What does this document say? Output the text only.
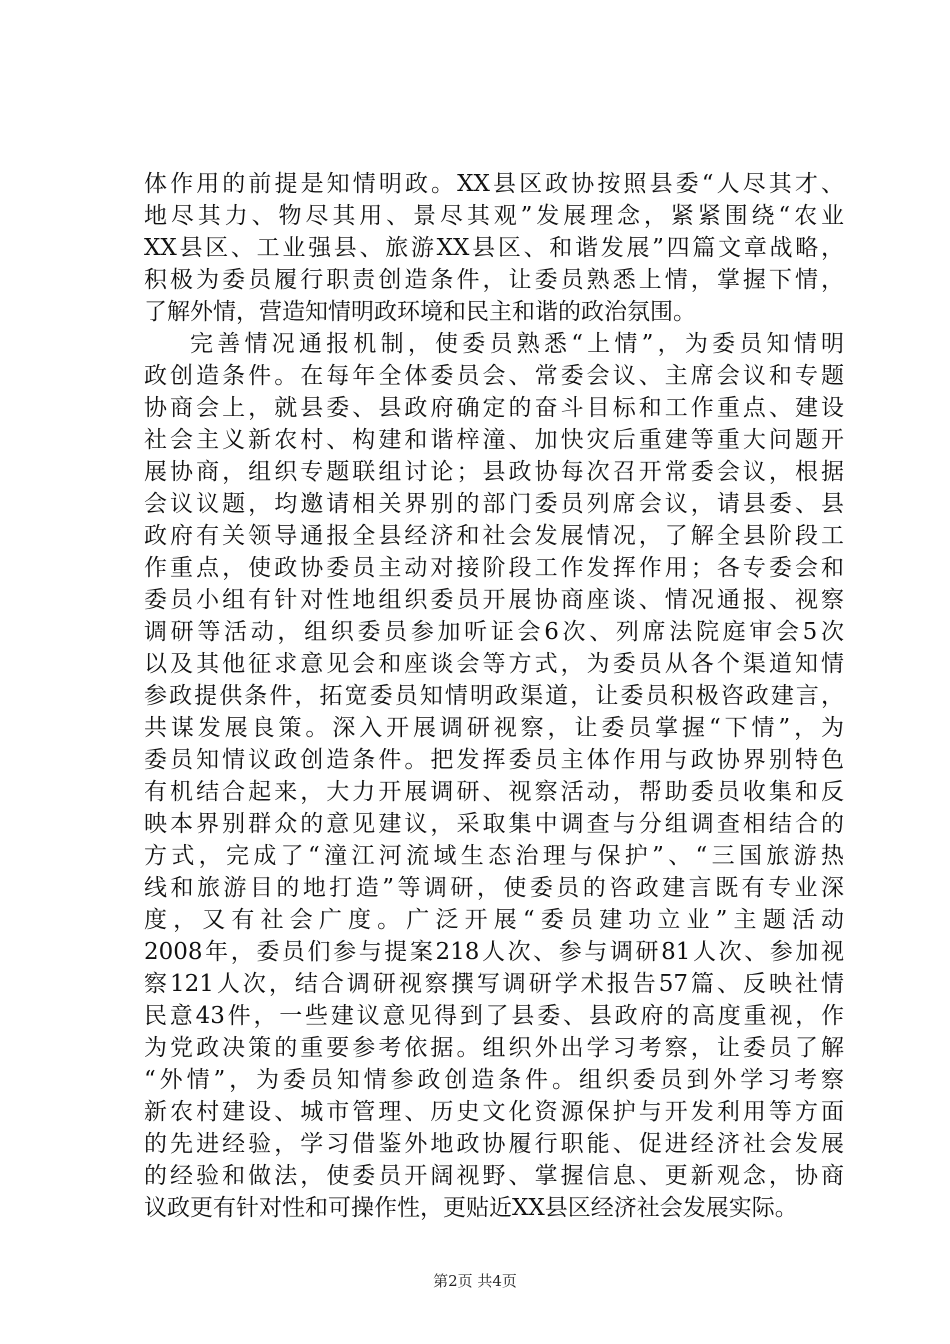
体作用的前提是知情明政。XX县区政协按照县委“人尽其才、
地尽其力、物尽其用、景尽其观”发展理念，紧紧围绕“农业
XX县区、工业强县、旅游XX县区、和谐发展”四篇文章战略，
积极为委员履行职责创造条件，让委员熟悉上情，掌握下情，
了解外情，营造知情明政环境和民主和谐的政治氛围。
完善情况通报机制，使委员熟悉“上情”，为委员知情明
政创造条件。在每年全体委员会、常委会议、主席会议和专题
协商会上，就县委、县政府确定的奋斗目标和工作重点、建设
社会主义新农村、构建和谐梓潼、加快灾后重建等重大问题开
展协商，组织专题联组讨论；县政协每次召开常委会议，根据
会议议题，均邀请相关界别的部门委员列席会议，请县委、县
政府有关领导通报全县经济和社会发展情况，了解全县阶段工
作重点，使政协委员主动对接阶段工作发挥作用；各专委会和
委员小组有针对性地组织委员开展协商座谈、情况通报、视察
调研等活动，组织委员参加听证会6次、列席法院庭审会5次
以及其他征求意见会和座谈会等方式，为委员从各个渠道知情
参政提供条件，拓宽委员知情明政渠道，让委员积极咨政建言，
共谋发展良策。深入开展调研视察，让委员掌握“下情”，为
委员知情议政创造条件。把发挥委员主体作用与政协界别特色
有机结合起来，大力开展调研、视察活动，帮助委员收集和反
映本界别群众的意见建议，采取集中调查与分组调查相结合的
方式，完成了“潼江河流域生态治理与保护”、“三国旅游热
线和旅游目的地打造”等调研，使委员的咨政建言既有专业深
度，又有社会广度。广泛开展“委员建功立业”主题活动
2008年，委员们参与提案218人次、参与调研81人次、参加视
察121人次，结合调研视察撰写调研学术报告57篇、反映社情
民意43件，一些建议意见得到了县委、县政府的高度重视，作
为党政决策的重要参考依据。组织外出学习考察，让委员了解
“外情”，为委员知情参政创造条件。组织委员到外学习考察
新农村建设、城市管理、历史文化资源保护与开发利用等方面
的先进经验，学习借鉴外地政协履行职能、促进经济社会发展
的经验和做法，使委员开阔视野、掌握信息、更新观念，协商
议政更有针对性和可操作性，更贴近XX县区经济社会发展实际。
第2页 共4页
